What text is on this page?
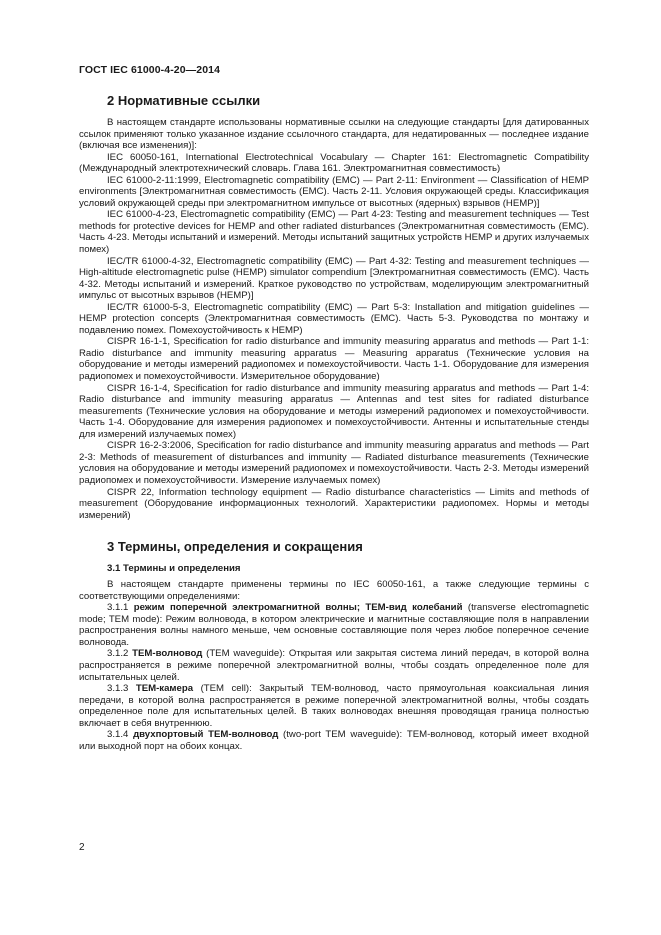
ГОСТ IEC 61000-4-20—2014
2 Нормативные ссылки

В настоящем стандарте использованы нормативные ссылки на следующие стандарты [для датированных ссылок применяют только указанное издание ссылочного стандарта, для недатированных — последнее издание (включая все изменения)]:

IEC 60050-161, International Electrotechnical Vocabulary — Chapter 161: Electromagnetic Compatibility (Международный электротехнический словарь. Глава 161. Электромагнитная совместимость)

IEC 61000-2-11:1999, Electromagnetic compatibility (EMC) — Part 2-11: Environment — Classification of HEMP environments [Электромагнитная совместимость (ЕМС). Часть 2-11. Условия окружающей среды. Классификация условий окружающей среды при электромагнитном импульсе от высотных (ядерных) взрывов (HEMP)]

IEC 61000-4-23, Electromagnetic compatibility (EMC) — Part 4-23: Testing and measurement techniques — Test methods for protective devices for HEMP and other radiated disturbances (Электромагнитная совместимость (ЕМС). Часть 4-23. Методы испытаний и измерений. Методы испытаний защитных устройств HEMP и других излучаемых помех)

IEC/TR 61000-4-32, Electromagnetic compatibility (EMC) — Part 4-32: Testing and measurement techniques — High-altitude electromagnetic pulse (HEMP) simulator compendium [Электромагнитная совместимость (ЕМС). Часть 4-32. Методы испытаний и измерений. Краткое руководство по устройствам, моделирующим электромагнитный импульс от высотных взрывов (HEMP)]

IEC/TR 61000-5-3, Electromagnetic compatibility (EMC) — Part 5-3: Installation and mitigation guidelines — HEMP protection concepts (Электромагнитная совместимость (ЕМС). Часть 5-3. Руководства по монтажу и подавлению помех. Помехоустойчивость к HEMP)

CISPR 16-1-1, Specification for radio disturbance and immunity measuring apparatus and methods — Part 1-1: Radio disturbance and immunity measuring apparatus — Measuring apparatus (Технические условия на оборудование и методы измерений радиопомех и помехоустойчивости. Часть 1-1. Оборудование для измерения радиопомех и помехоустойчивости. Измерительное оборудование)

CISPR 16-1-4, Specification for radio disturbance and immunity measuring apparatus and methods — Part 1-4: Radio disturbance and immunity measuring apparatus — Antennas and test sites for radiated disturbance measurements (Технические условия на оборудование и методы измерений радиопомех и помехоустойчивости. Часть 1-4. Оборудование для измерения радиопомех и помехоустойчивости. Антенны и испытательные стенды для измерений излучаемых помех)

CISPR 16-2-3:2006, Specification for radio disturbance and immunity measuring apparatus and methods — Part 2-3: Methods of measurement of disturbances and immunity — Radiated disturbance measurements (Технические условия на оборудование и методы измерений радиопомех и помехоустойчивости. Часть 2-3. Методы измерений радиопомех и помехоустойчивости. Измерение излучаемых помех)

CISPR 22, Information technology equipment — Radio disturbance characteristics — Limits and methods of measurement (Оборудование информационных технологий. Характеристики радиопомех. Нормы и методы измерений)

3 Термины, определения и сокращения
3.1 Термины и определения

В настоящем стандарте применены термины по IEC 60050-161, а также следующие термины с соответствующими определениями:

3.1.1 режим поперечной электромагнитной волны; ТЕМ-вид колебаний (transverse electromagnetic mode; TEM mode): Режим волновода, в котором электрические и магнитные составляющие поля в направлении распространения волны намного меньше, чем основные составляющие поля через любое поперечное сечение волновода.

3.1.2 ТЕМ-волновод (TEM waveguide): Открытая или закрытая система линий передач, в которой волна распространяется в режиме поперечной электромагнитной волны, чтобы создать определенное поле для испытательных целей.

3.1.3 ТЕМ-камера (TEM cell): Закрытый ТЕМ-волновод, часто прямоугольная коаксиальная линия передачи, в которой волна распространяется в режиме поперечной электромагнитной волны, чтобы создать определенное поле для испытательных целей. В таких волноводах внешняя проводящая граница полностью включает в себя внутреннюю.

3.1.4 двухпортовый ТЕМ-волновод (two-port TEM waveguide): ТЕМ-волновод, который имеет входной или выходной порт на обоих концах.

2
